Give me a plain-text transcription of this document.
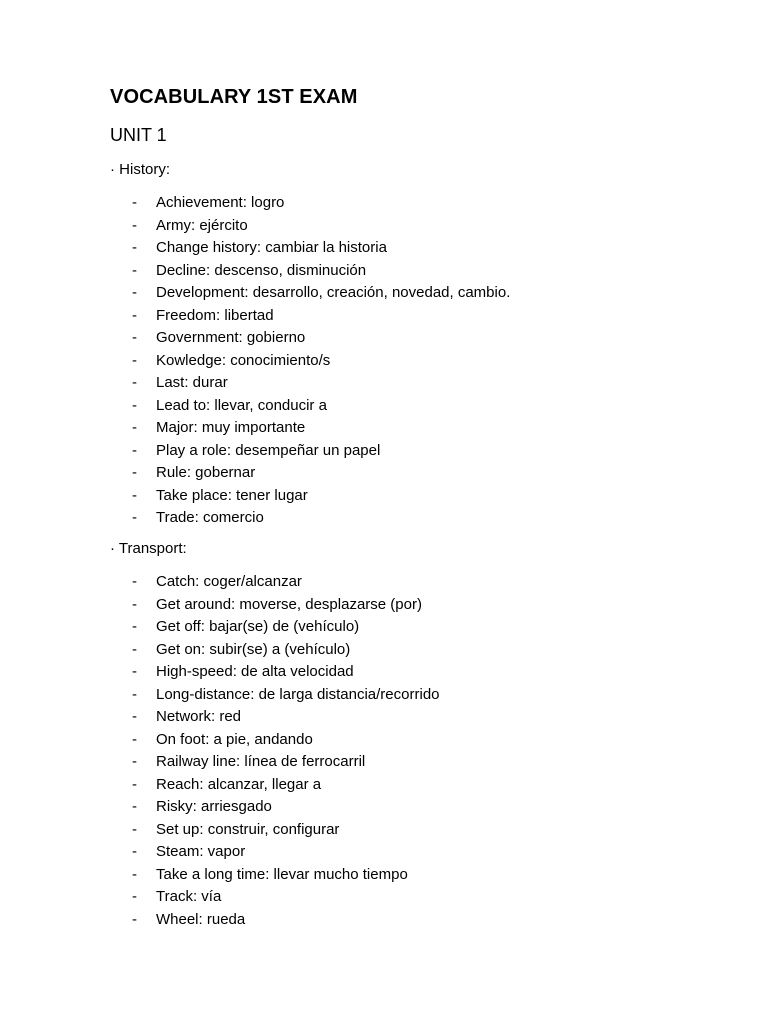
VOCABULARY 1ST EXAM
UNIT 1
· History:
- Achievement: logro
- Army: ejército
- Change history: cambiar la historia
- Decline: descenso, disminución
- Development: desarrollo, creación, novedad, cambio.
- Freedom: libertad
- Government: gobierno
- Kowledge: conocimiento/s
- Last: durar
- Lead to: llevar, conducir a
- Major: muy importante
- Play a role: desempeñar un papel
- Rule: gobernar
- Take place: tener lugar
- Trade: comercio
· Transport:
- Catch: coger/alcanzar
- Get around: moverse, desplazarse (por)
- Get off: bajar(se) de (vehículo)
- Get on: subir(se) a (vehículo)
- High-speed: de alta velocidad
- Long-distance: de larga distancia/recorrido
- Network: red
- On foot: a pie, andando
- Railway line: línea de ferrocarril
- Reach: alcanzar, llegar a
- Risky: arriesgado
- Set up: construir, configurar
- Steam: vapor
- Take a long time: llevar mucho tiempo
- Track: vía
- Wheel: rueda
